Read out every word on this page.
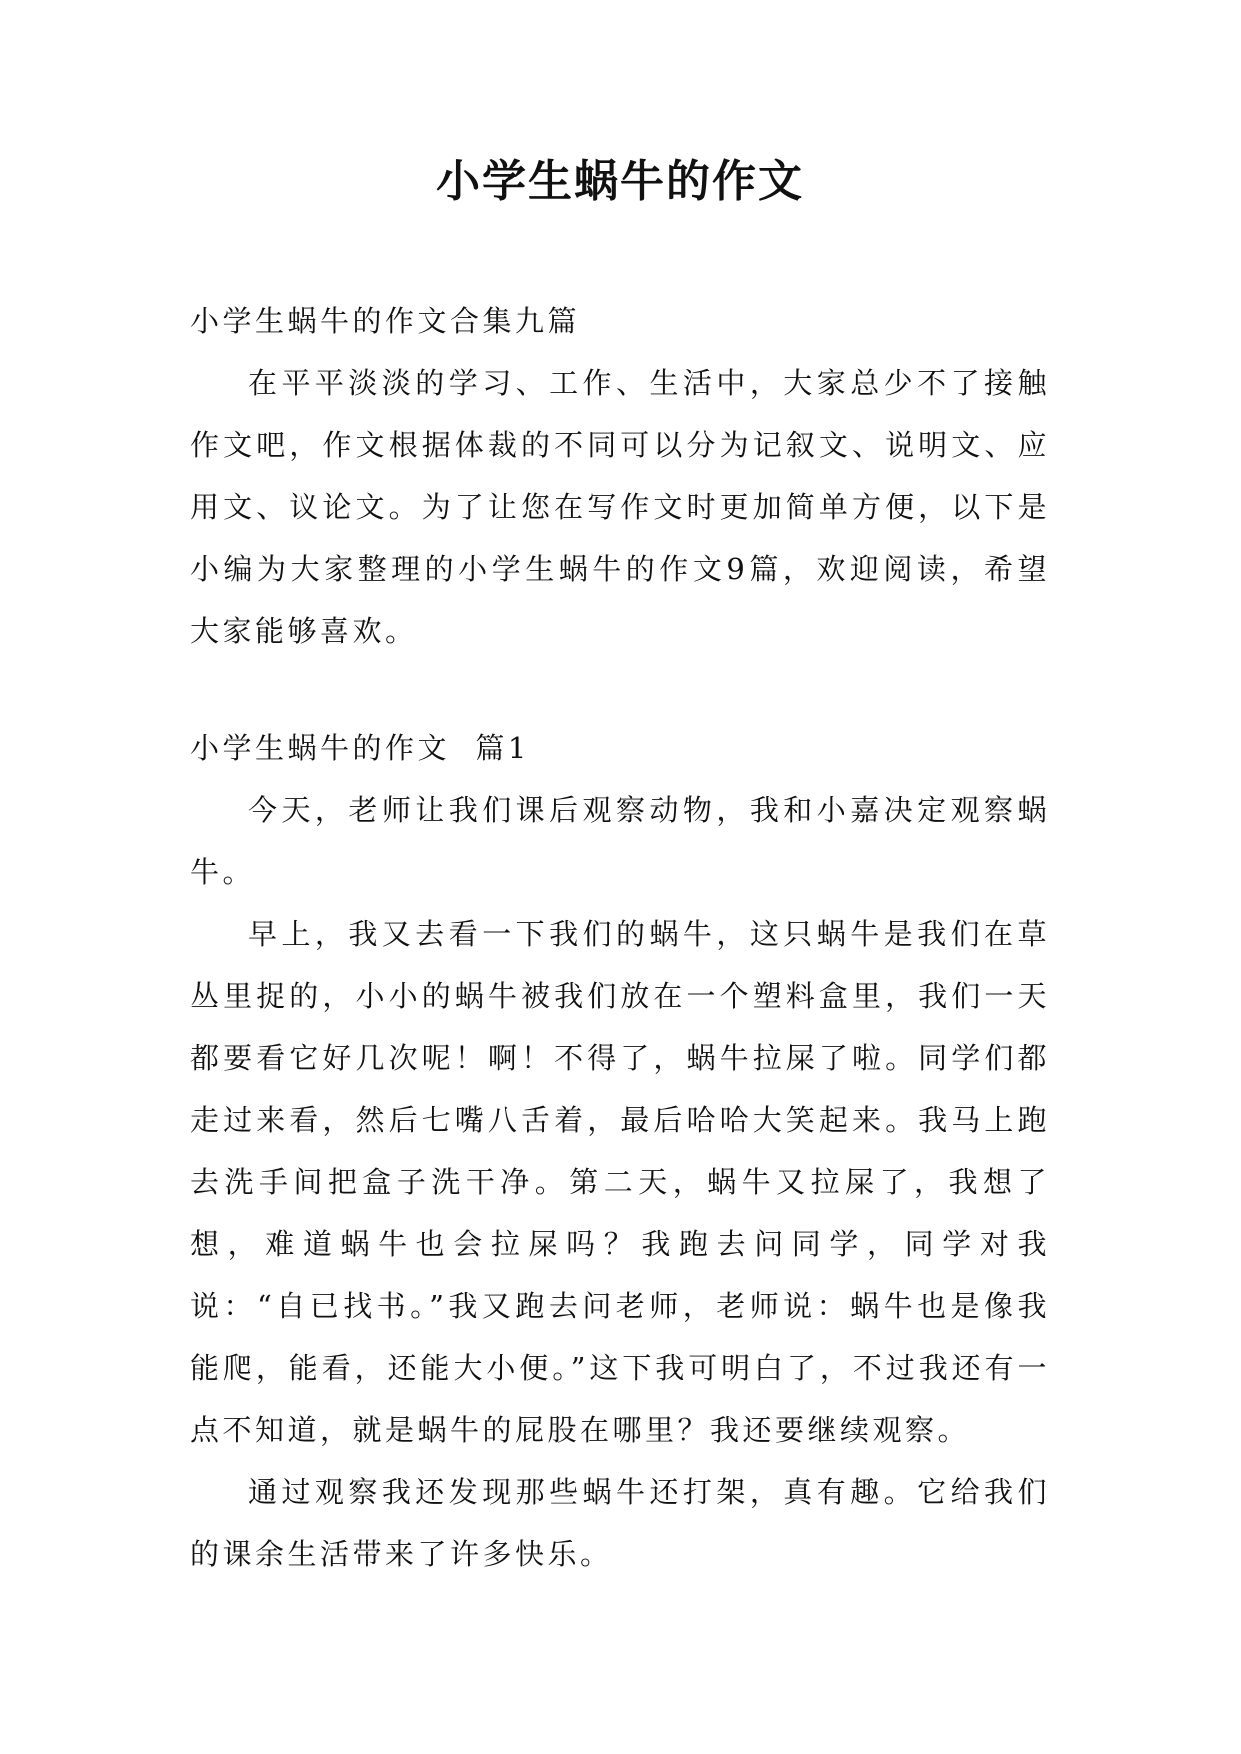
小学生蜗牛的作文

小学生蜗牛的作文合集九篇

在平平淡淡的学习、工作、生活中，大家总少不了接触作文吧，作文根据体裁的不同可以分为记叙文、说明文、应用文、议论文。为了让您在写作文时更加简单方便，以下是小编为大家整理的小学生蜗牛的作文9篇，欢迎阅读，希望大家能够喜欢。

小学生蜗牛的作文  篇1

今天，老师让我们课后观察动物，我和小嘉决定观察蜗牛。

早上，我又去看一下我们的蜗牛，这只蜗牛是我们在草丛里捉的，小小的蜗牛被我们放在一个塑料盒里，我们一天都要看它好几次呢！啊！不得了，蜗牛拉屎了啦。同学们都走过来看，然后七嘴八舌着，最后哈哈大笑起来。我马上跑去洗手间把盒子洗干净。第二天，蜗牛又拉屎了，我想了想，难道蜗牛也会拉屎吗？我跑去问同学，同学对我说：“自已找书。”我又跑去问老师，老师说：蜗牛也是像我能爬，能看，还能大小便。”这下我可明白了，不过我还有一点不知道，就是蜗牛的屁股在哪里？我还要继续观察。

通过观察我还发现那些蜗牛还打架，真有趣。它给我们的课余生活带来了许多快乐。
